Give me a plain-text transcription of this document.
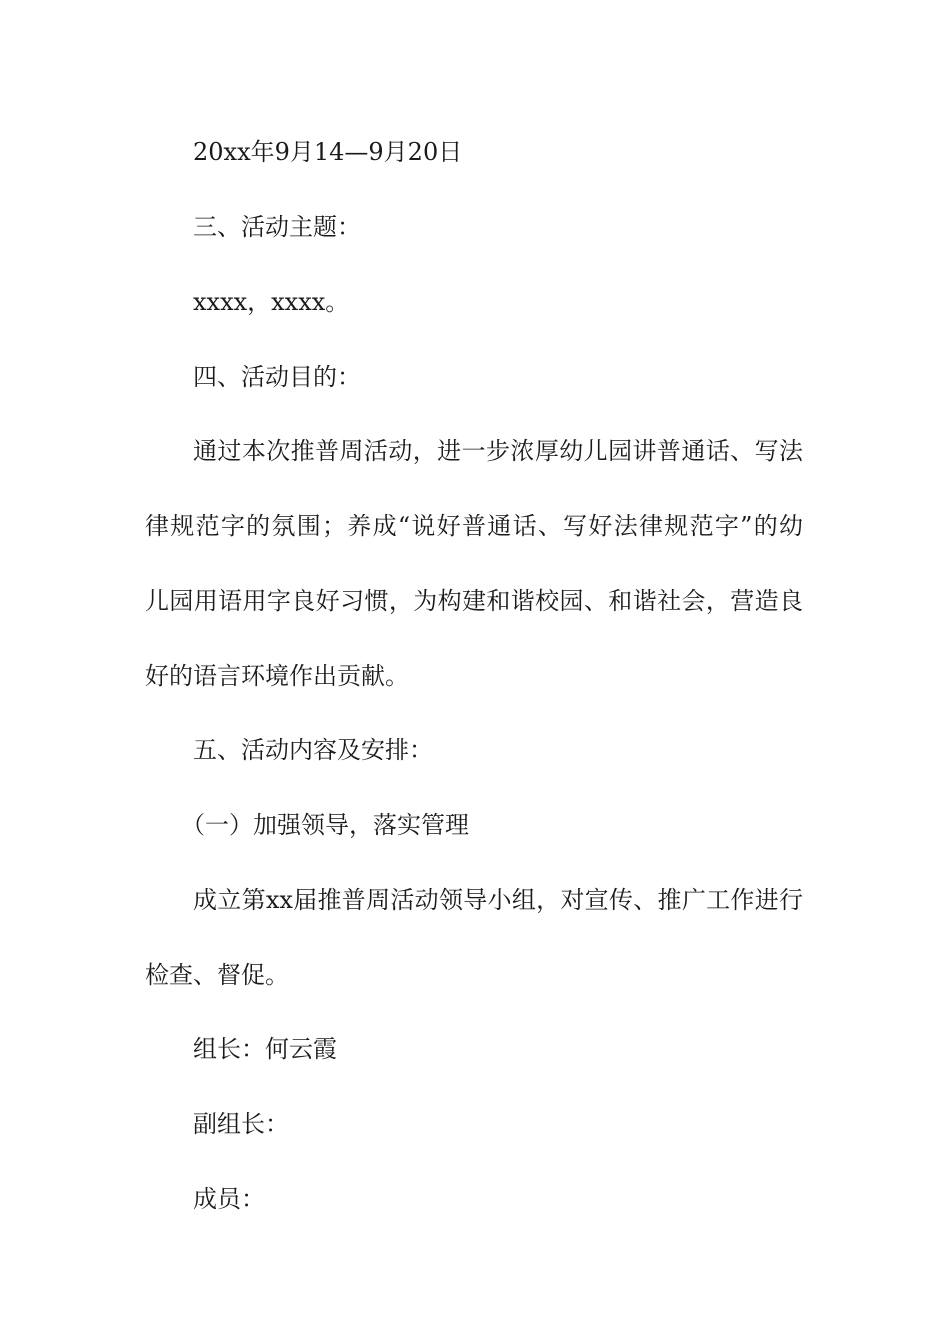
20xx年9月14—9月20日
三、活动主题：
xxxx，xxxx。
四、活动目的：
通过本次推普周活动，进一步浓厚幼儿园讲普通话、写法
律规范字的氛围；养成“说好普通话、写好法律规范字”的幼
儿园用语用字良好习惯，为构建和谐校园、和谐社会，营造良
好的语言环境作出贡献。
五、活动内容及安排：
（一）加强领导，落实管理
成立第xx届推普周活动领导小组，对宣传、推广工作进行
检查、督促。
组长：何云霞
副组长：
成员：
